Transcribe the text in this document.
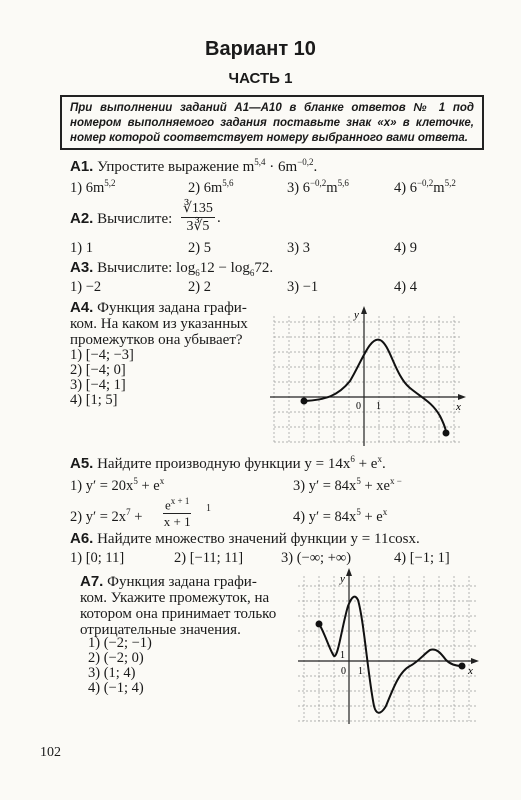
Вариант 10
ЧАСТЬ 1
При выполнении заданий А1—А10 в бланке ответов № 1 под номером выполняемого задания поставьте знак «х» в клеточке, номер которой соответствует номеру выбранного вами ответа.
А1. Упростите выражение $m^{5,4} \cdot 6m^{-0,2}$.
1) $6m^{5,2}$	2) $6m^{5,6}$	3) $6^{-0,2}m^{5,6}$	4) $6^{-0,2}m^{5,2}$
А2. Вычислите: $\frac{∛135}{3∛5}$ .
1) 1	2) 5	3) 3	4) 9
А3. Вычислите: $\log_612 - \log_672$.
1) −2	2) 2	3) −1	4) 4
А4. Функция задана графи-
ком. На каком из указанных
промежутков она убывает?
1) [−4; −3]
2) [−4; 0]
3) [−4; 1]
4) [1; 5]
y
x
0 1
А5. Найдите производную функции $y = 14x^6 + e^x$.
1) $y' = 20x^5 + e^x$	3) $y' = 84x^5 + xe^{x -}$
2) $y' = 2x^7$ +
$e^{x + 1}$
x + 1
1
4) $y' = 84x^5 + e^x$
А6. Найдите множество значений функции y = 11cosx.
1) [0; 11]	2) [−11; 11]	3) (−∞; +∞)	4) [−1; 1]
А7. Функция задана графи-
ком. Укажите промежуток, на
котором она принимает только
отрицательные значения.
1) (−2; −1)
2) (−2; 0)
3) (1; 4)
4) (−1; 4)
y
x
0 1
1
102
